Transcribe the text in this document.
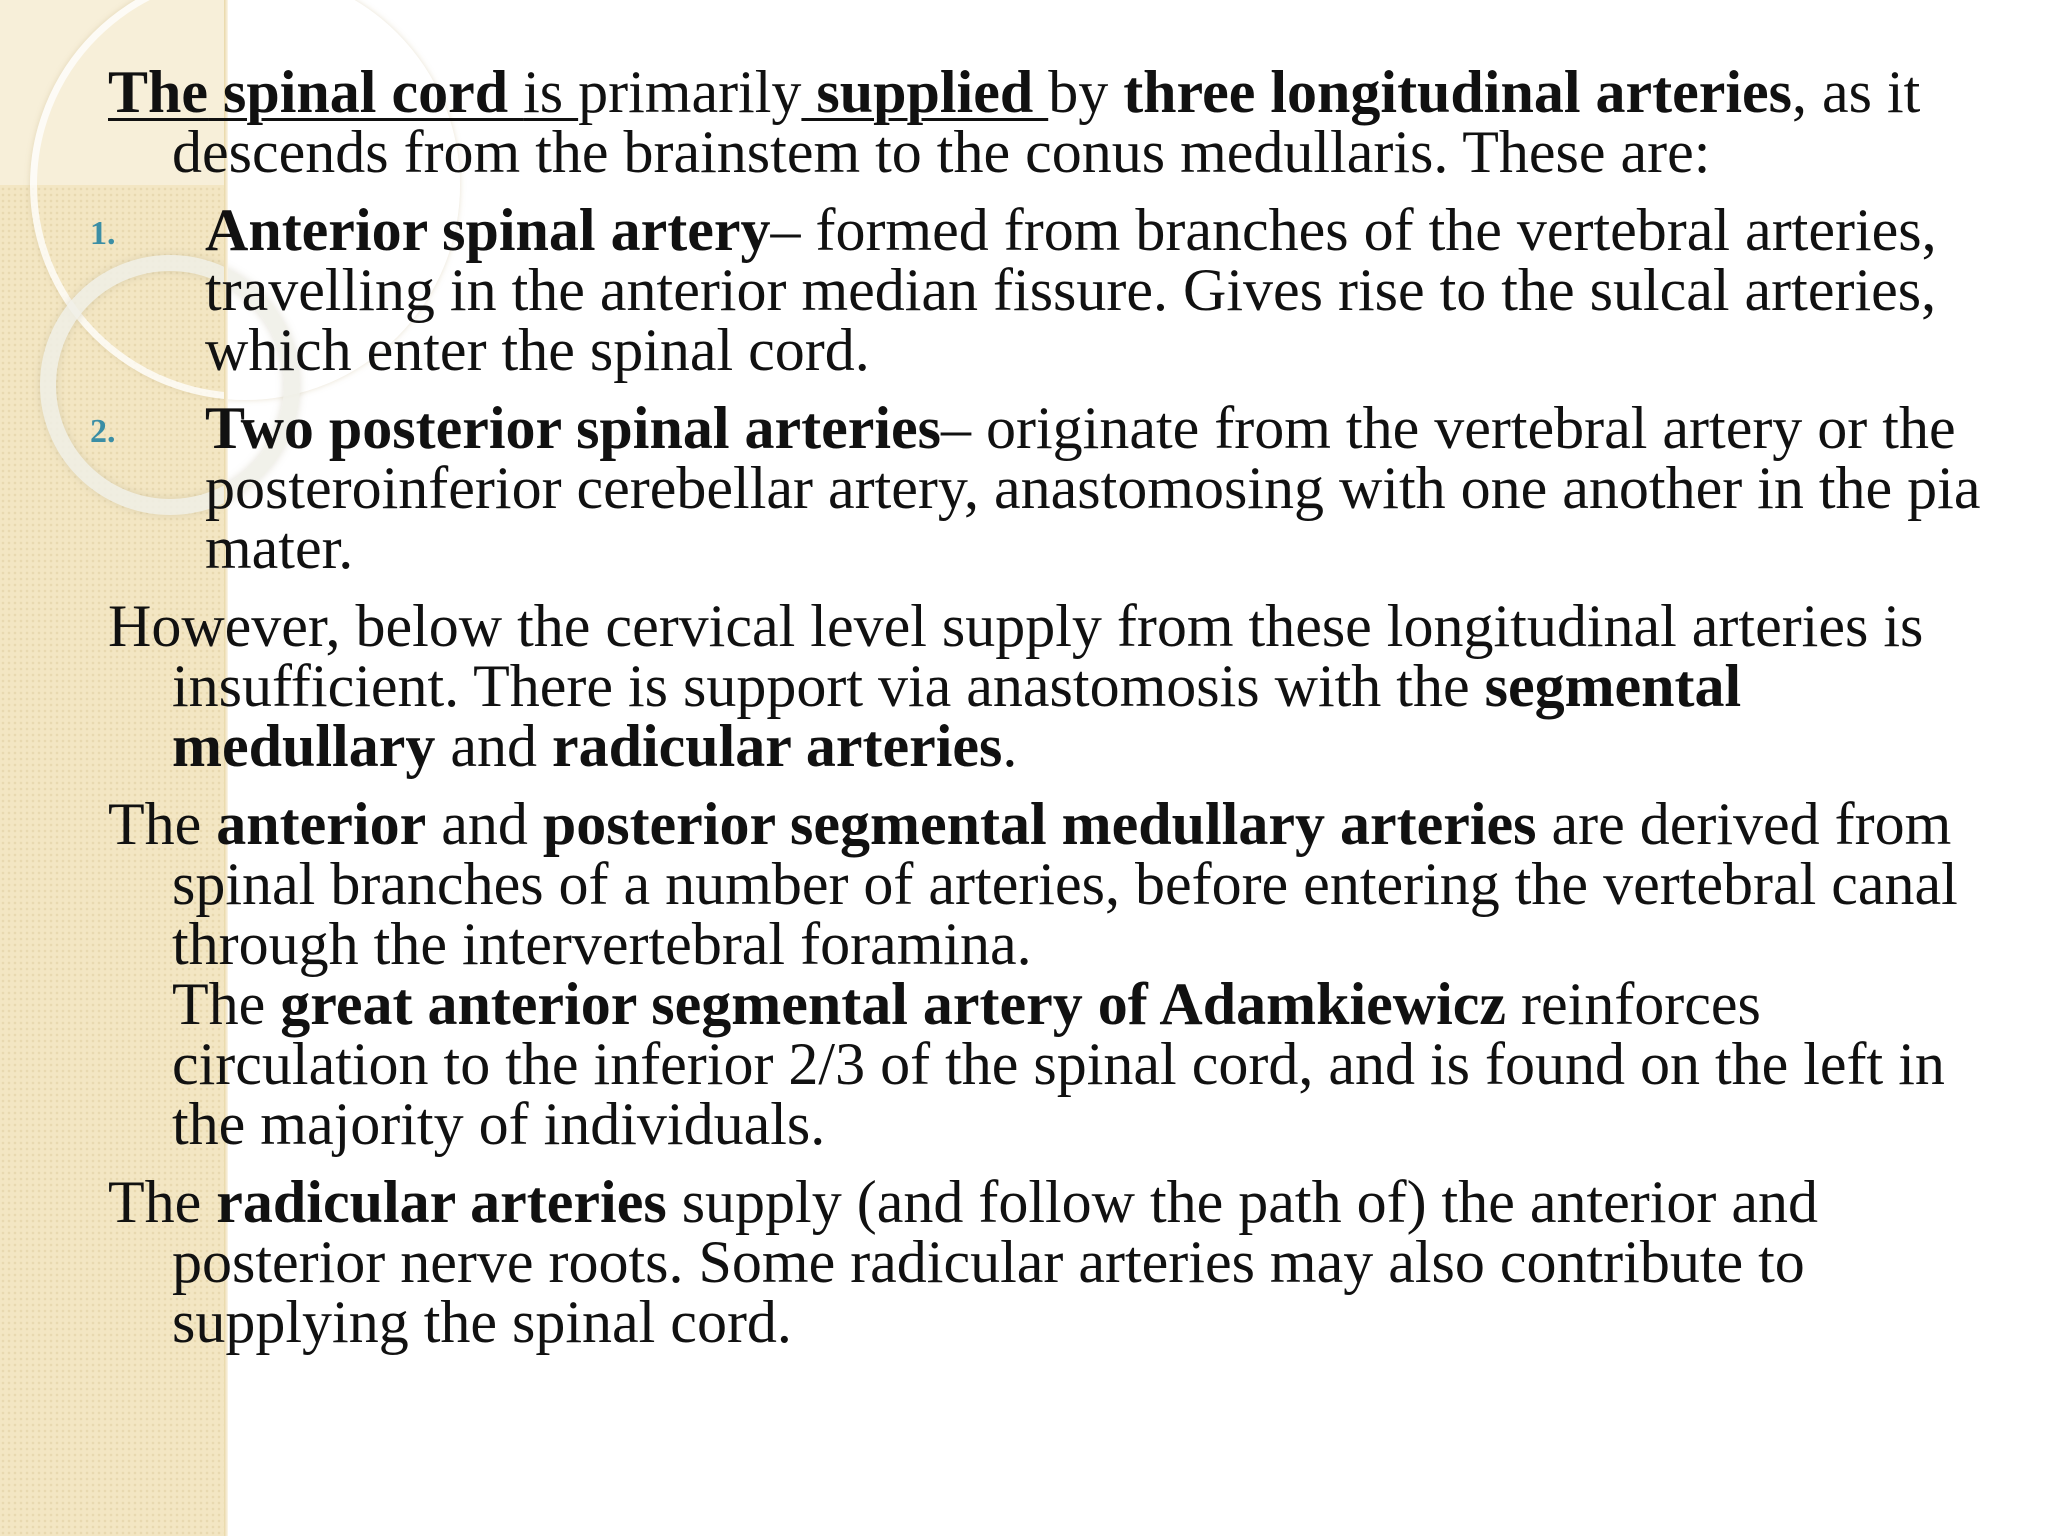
The spinal cord is primarily supplied by three longitudinal arteries, as it descends from the brainstem to the conus medullaris. These are:

1. Anterior spinal artery– formed from branches of the vertebral arteries, travelling in the anterior median fissure. Gives rise to the sulcal arteries, which enter the spinal cord.
2. Two posterior spinal arteries– originate from the vertebral artery or the posteroinferior cerebellar artery, anastomosing with one another in the pia mater.

However, below the cervical level supply from these longitudinal arteries is insufficient. There is support via anastomosis with the segmental medullary and radicular arteries.

The anterior and posterior segmental medullary arteries are derived from spinal branches of a number of arteries, before entering the vertebral canal through the intervertebral foramina.
The great anterior segmental artery of Adamkiewicz reinforces circulation to the inferior 2/3 of the spinal cord, and is found on the left in the majority of individuals.

The radicular arteries supply (and follow the path of) the anterior and posterior nerve roots. Some radicular arteries may also contribute to supplying the spinal cord.
